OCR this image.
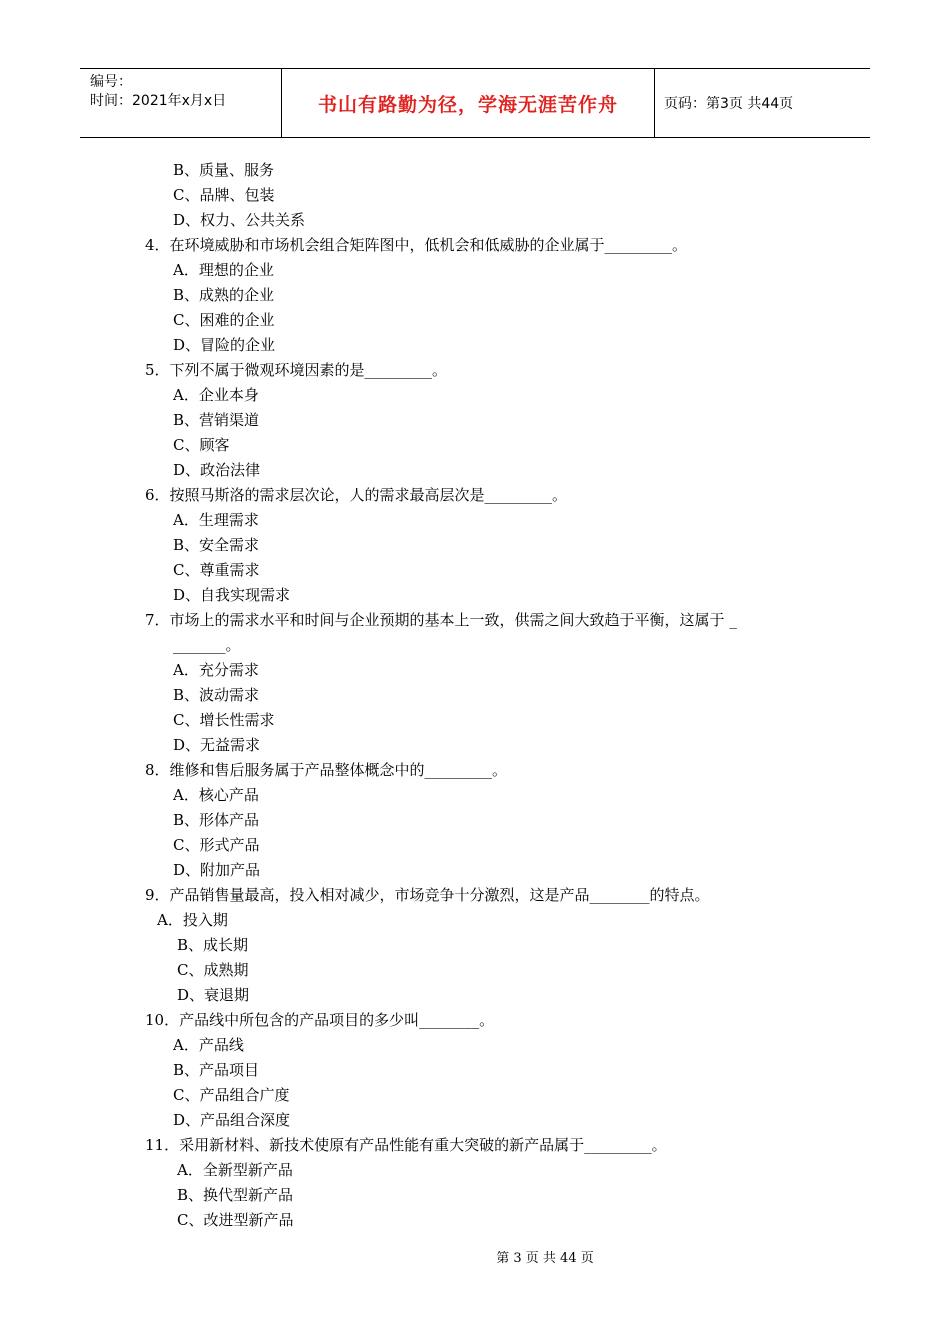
编号：
时间：2021年x月x日	书山有路勤为径，学海无涯苦作舟	页码：第3页 共44页
B、质量、服务
C、品牌、包装
D、权力、公共关系
4．在环境威胁和市场机会组合矩阵图中，低机会和低威胁的企业属于_________。
A．理想的企业
B、成熟的企业
C、困难的企业
D、冒险的企业
5．下列不属于微观环境因素的是_________。
A．企业本身
B、营销渠道
C、顾客
D、政治法律
6．按照马斯洛的需求层次论，人的需求最高层次是_________。
A．生理需求
B、安全需求
C、尊重需求
D、自我实现需求
7．市场上的需求水平和时间与企业预期的基本上一致，供需之间大致趋于平衡，这属于 _
_______。
A．充分需求
B、波动需求
C、增长性需求
D、无益需求
8．维修和售后服务属于产品整体概念中的_________。
A．核心产品
B、形体产品
C、形式产品
D、附加产品
9．产品销售量最高，投入相对减少，市场竞争十分激烈，这是产品________的特点。
A．投入期
B、成长期
C、成熟期
D、衰退期
10．产品线中所包含的产品项目的多少叫________。
A．产品线
B、产品项目
C、产品组合广度
D、产品组合深度
11．采用新材料、新技术使原有产品性能有重大突破的新产品属于_________。
A．全新型新产品
B、换代型新产品
C、改进型新产品
第 3 页 共 44 页
